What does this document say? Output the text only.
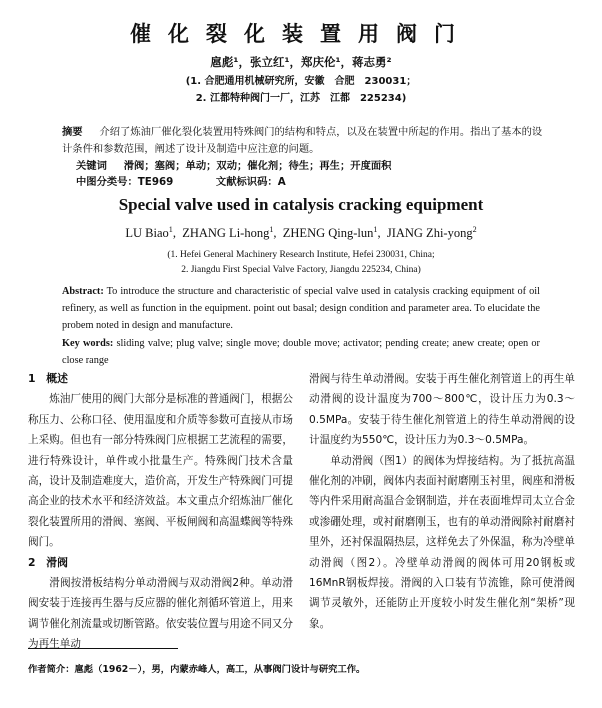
催化裂化装置用阀门
扈彪¹，张立红¹，郑庆伦¹，蒋志勇²
(1. 合肥通用机械研究所，安徽　合肥　230031；
2. 江都特种阀门一厂，江苏　江都　225234)
摘要 　 介绍了炼油厂催化裂化装置用特殊阀门的结构和特点，以及在装置中所起的作用。指出了基本的设计条件和参数范围，阐述了设计及制造中应注意的问题。
关键词 　 滑阀；塞阀；单动；双动；催化剂；待生；再生；开度面积
中图分类号：TE969	文献标识码：A
Special valve used in catalysis cracking equipment
LU Biao$^1$,  ZHANG Li-hong$^1$,  ZHENG Qing-lun$^1$,  JIANG Zhi-yong$^2$
(1. Hefei General Machinery Research Institute, Hefei 230031, China;
2. Jiangdu First Special Valve Factory, Jiangdu 225234, China)
Abstract: To introduce the structure and characteristic of special valve used in catalysis cracking equipment of oil refinery, as well as function in the equipment. point out basal; design condition and parameter area. To elucidate the probem noted in design and manufacture.
Key words: sliding valve; plug valve; single move; double move; activator; pending create; anew create; open or close range

1　概述

炼油厂使用的阀门大部分是标准的普通阀门，根据公称压力、公称口径、使用温度和介质等参数可直接从市场上采购。但也有一部分特殊阀门应根据工艺流程的需要，进行特殊设计，单件或小批量生产。特殊阀门技术含量高，设计及制造难度大，造价高，开发生产特殊阀门可提高企业的技术水平和经济效益。本文重点介绍炼油厂催化裂化装置所用的滑阀、塞阀、平板闸阀和高温蝶阀等特殊阀门。

2　滑阀

滑阀按滑板结构分单动滑阀与双动滑阀2种。单动滑阀安装于连接再生器与反应器的催化剂循环管道上，用来调节催化剂流量或切断管路。依安装位置与用途不同又分为再生单动

滑阀与待生单动滑阀。安装于再生催化剂管道上的再生单动滑阀的设计温度为700～800℃，设计压力为0.3～0.5MPa。安装于待生催化剂管道上的待生单动滑阀的设计温度约为550℃，设计压力为0.3～0.5MPa。

单动滑阀（图1）的阀体为焊接结构。为了抵抗高温催化剂的冲刷，阀体内表面衬耐磨刚玉衬里，阀座和滑板等内件采用耐高温合金钢制造，并在表面堆焊司太立合金或渗硼处理，或衬耐磨刚玉，也有的单动滑阀除衬耐磨衬里外，还衬保温隔热层，这样免去了外保温，称为冷壁单动滑阀（图2）。冷壁单动滑阀的阀体可用20钢板或16MnR钢板焊接。滑阀的入口装有节流锥，除可使滑阀调节灵敏外，还能防止开度较小时发生催化剂“架桥”现象。

作者简介：扈彪（1962－），男，内蒙赤峰人，高工，从事阀门设计与研究工作。
